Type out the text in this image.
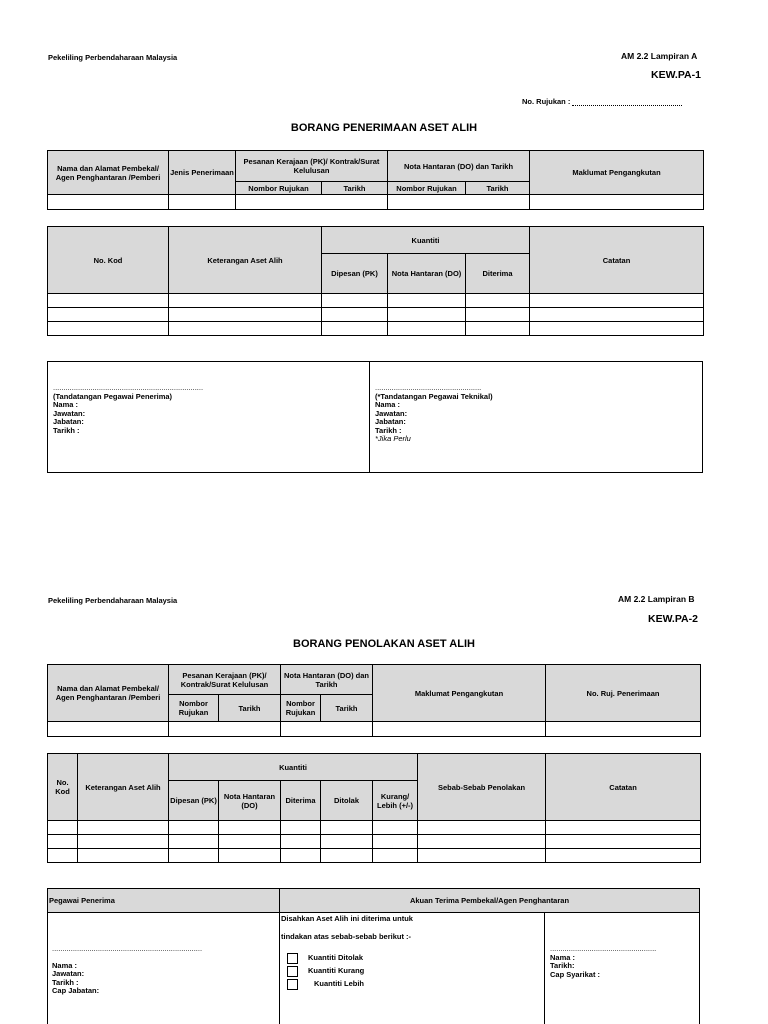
Pekeliling Perbendaharaan Malaysia	AM 2.2 Lampiran A
KEW.PA-1
No. Rujukan :
BORANG PENERIMAAN ASET ALIH
Nama dan Alamat Pembekal/ Agen Penghantaran /Pemberi	Jenis Penerimaan	Pesanan Kerajaan (PK)/ Kontrak/Surat Kelulusan		Nota Hantaran (DO) dan Tarikh		Maklumat Pengangkutan
		Nombor Rujukan	Tarikh	Nombor Rujukan	Tarikh	

No. Kod	Keterangan Aset Alih	Kuantiti			Catatan
		Dipesan (PK)	Nota Hantaran (DO)	Diterima	

........................................................................
(Tandatangan Pegawai Penerima)
Nama :
Jawatan:
Jabatan:
Tarikh :
...................................................
(*Tandatangan Pegawai Teknikal)
Nama :
Jawatan:
Jabatan:
Tarikh :
*Jika Perlu
Pekeliling Perbendaharaan Malaysia	AM 2.2 Lampiran B
KEW.PA-2
BORANG PENOLAKAN ASET ALIH
Nama dan Alamat Pembekal/ Agen Penghantaran /Pemberi	Pesanan Kerajaan (PK)/ Kontrak/Surat Kelulusan		Nota Hantaran (DO) dan Tarikh		Maklumat Pengangkutan	No. Ruj. Penerimaan
	Nombor Rujukan	Tarikh	Nombor Rujukan	Tarikh		

No. Kod	Keterangan Aset Alih	Kuantiti					Sebab-Sebab Penolakan	Catatan
		Dipesan (PK)	Nota Hantaran (DO)	Diterima	Ditolak	Kurang/ Lebih (+/-)		

Pegawai Penerima	Akuan Terima Pembekal/Agen Penghantaran
........................................................................
Nama :
Jawatan:
Tarikh :
Cap Jabatan:
Disahkan Aset Alih ini diterima untuk
tindakan atas sebab-sebab berikut :-
Kuantiti Ditolak
Kuantiti Kurang
Kuantiti Lebih
...................................................
Nama :
Tarikh:
Cap Syarikat :
